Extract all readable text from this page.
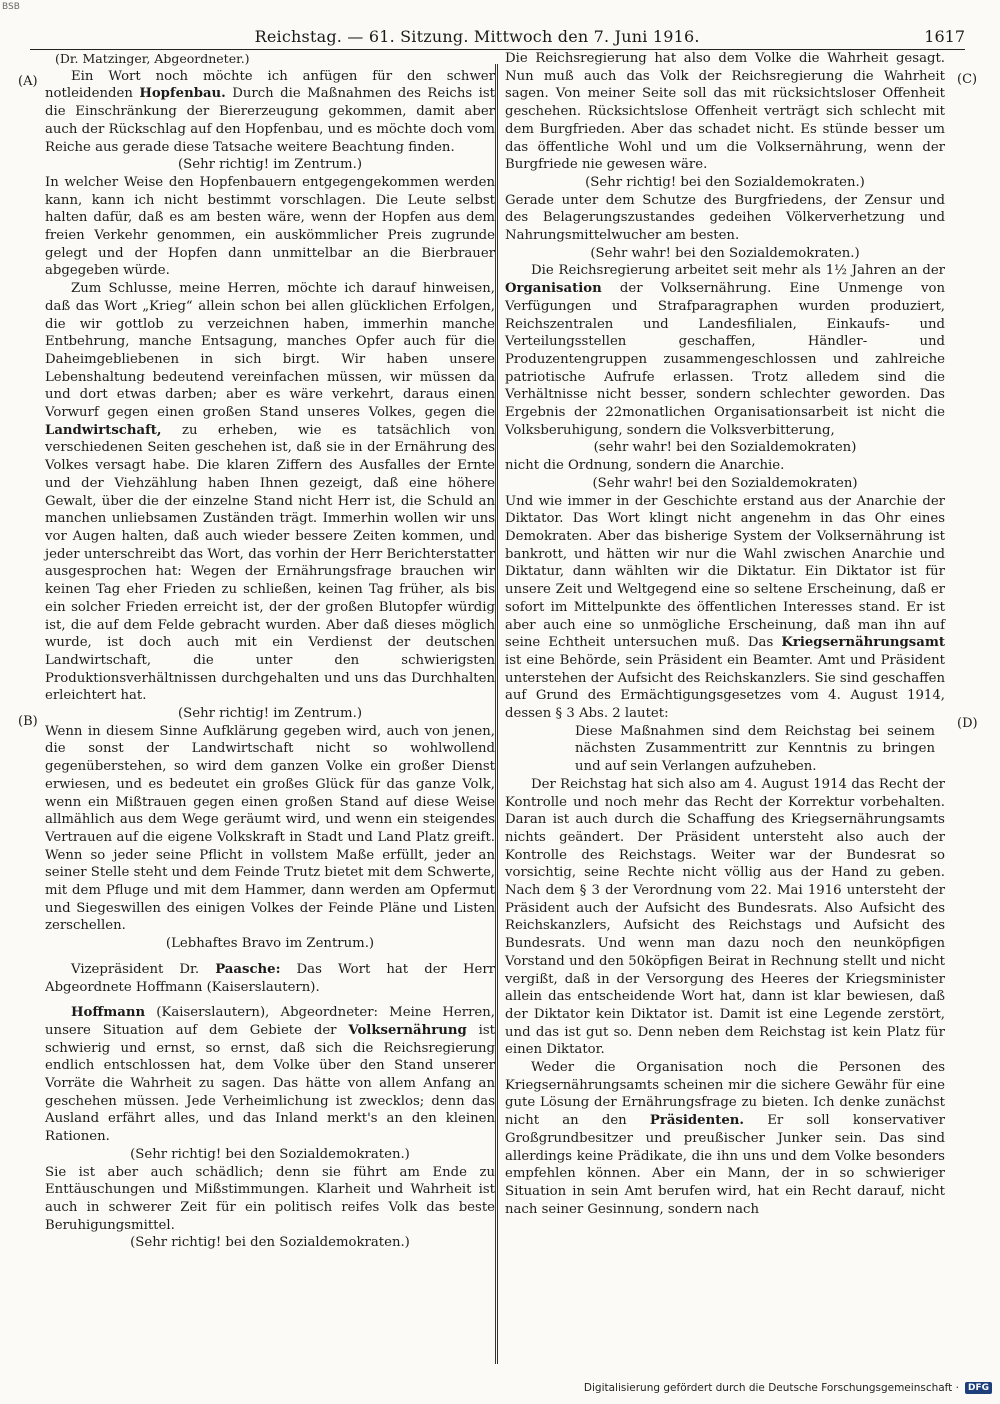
BSB
Reichstag. — 61. Sitzung. Mittwoch den 7. Juni 1916.	1617
(A)
(B)
(C)
(D)

(Dr. Matzinger, Abgeordneter.)

Ein Wort noch möchte ich anfügen für den schwer notleidenden Hopfenbau. Durch die Maßnahmen des Reichs ist die Einschränkung der Biererzeugung gekommen, damit aber auch der Rückschlag auf den Hopfenbau, und es möchte doch vom Reiche aus gerade diese Tatsache weitere Beachtung finden.

(Sehr richtig! im Zentrum.)

In welcher Weise den Hopfenbauern entgegengekommen werden kann, kann ich nicht bestimmt vorschlagen. Die Leute selbst halten dafür, daß es am besten wäre, wenn der Hopfen aus dem freien Verkehr genommen, ein auskömmlicher Preis zugrunde gelegt und der Hopfen dann unmittelbar an die Bierbrauer abgegeben würde.

Zum Schlusse, meine Herren, möchte ich darauf hinweisen, daß das Wort „Krieg“ allein schon bei allen glücklichen Erfolgen, die wir gottlob zu verzeichnen haben, immerhin manche Entbehrung, manche Entsagung, manches Opfer auch für die Daheimgebliebenen in sich birgt. Wir haben unsere Lebenshaltung bedeutend vereinfachen müssen, wir müssen da und dort etwas darben; aber es wäre verkehrt, daraus einen Vorwurf gegen einen großen Stand unseres Volkes, gegen die Landwirtschaft, zu erheben, wie es tatsächlich von verschiedenen Seiten geschehen ist, daß sie in der Ernährung des Volkes versagt habe. Die klaren Ziffern des Ausfalles der Ernte und der Viehzählung haben Ihnen gezeigt, daß eine höhere Gewalt, über die der einzelne Stand nicht Herr ist, die Schuld an manchen unliebsamen Zuständen trägt. Immerhin wollen wir uns vor Augen halten, daß auch wieder bessere Zeiten kommen, und jeder unterschreibt das Wort, das vorhin der Herr Berichterstatter ausgesprochen hat: Wegen der Ernährungsfrage brauchen wir keinen Tag eher Frieden zu schließen, keinen Tag früher, als bis ein solcher Frieden erreicht ist, der der großen Blutopfer würdig ist, die auf dem Felde gebracht wurden. Aber daß dieses möglich wurde, ist doch auch mit ein Verdienst der deutschen Landwirtschaft, die unter den schwierigsten Produktionsverhältnissen durchgehalten und uns das Durchhalten erleichtert hat.

(Sehr richtig! im Zentrum.)

Wenn in diesem Sinne Aufklärung gegeben wird, auch von jenen, die sonst der Landwirtschaft nicht so wohlwollend gegenüberstehen, so wird dem ganzen Volke ein großer Dienst erwiesen, und es bedeutet ein großes Glück für das ganze Volk, wenn ein Mißtrauen gegen einen großen Stand auf diese Weise allmählich aus dem Wege geräumt wird, und wenn ein steigendes Vertrauen auf die eigene Volkskraft in Stadt und Land Platz greift. Wenn so jeder seine Pflicht in vollstem Maße erfüllt, jeder an seiner Stelle steht und dem Feinde Trutz bietet mit dem Schwerte, mit dem Pfluge und mit dem Hammer, dann werden am Opfermut und Siegeswillen des einigen Volkes der Feinde Pläne und Listen zerschellen.

(Lebhaftes Bravo im Zentrum.)

Vizepräsident Dr. Paasche: Das Wort hat der Herr Abgeordnete Hoffmann (Kaiserslautern).

Hoffmann (Kaiserslautern), Abgeordneter: Meine Herren, unsere Situation auf dem Gebiete der Volksernährung ist schwierig und ernst, so ernst, daß sich die Reichsregierung endlich entschlossen hat, dem Volke über den Stand unserer Vorräte die Wahrheit zu sagen. Das hätte von allem Anfang an geschehen müssen. Jede Verheimlichung ist zwecklos; denn das Ausland erfährt alles, und das Inland merkt's an den kleinen Rationen.

(Sehr richtig! bei den Sozialdemokraten.)

Sie ist aber auch schädlich; denn sie führt am Ende zu Enttäuschungen und Mißstimmungen. Klarheit und Wahrheit ist auch in schwerer Zeit für ein politisch reifes Volk das beste Beruhigungsmittel.

(Sehr richtig! bei den Sozialdemokraten.)

Die Reichsregierung hat also dem Volke die Wahrheit gesagt. Nun muß auch das Volk der Reichsregierung die Wahrheit sagen. Von meiner Seite soll das mit rücksichtsloser Offenheit geschehen. Rücksichtslose Offenheit verträgt sich schlecht mit dem Burgfrieden. Aber das schadet nicht. Es stünde besser um das öffentliche Wohl und um die Volksernährung, wenn der Burgfriede nie gewesen wäre.

(Sehr richtig! bei den Sozialdemokraten.)

Gerade unter dem Schutze des Burgfriedens, der Zensur und des Belagerungszustandes gedeihen Völkerverhetzung und Nahrungsmittelwucher am besten.

(Sehr wahr! bei den Sozialdemokraten.)

Die Reichsregierung arbeitet seit mehr als 1½ Jahren an der Organisation der Volksernährung. Eine Unmenge von Verfügungen und Strafparagraphen wurden produziert, Reichszentralen und Landesfilialen, Einkaufs- und Verteilungsstellen geschaffen, Händler- und Produzentengruppen zusammengeschlossen und zahlreiche patriotische Aufrufe erlassen. Trotz alledem sind die Verhältnisse nicht besser, sondern schlechter geworden. Das Ergebnis der 22monatlichen Organisationsarbeit ist nicht die Volksberuhigung, sondern die Volksverbitterung,

(sehr wahr! bei den Sozialdemokraten)

nicht die Ordnung, sondern die Anarchie.

(Sehr wahr! bei den Sozialdemokraten)

Und wie immer in der Geschichte erstand aus der Anarchie der Diktator. Das Wort klingt nicht angenehm in das Ohr eines Demokraten. Aber das bisherige System der Volksernährung ist bankrott, und hätten wir nur die Wahl zwischen Anarchie und Diktatur, dann wählten wir die Diktatur. Ein Diktator ist für unsere Zeit und Weltgegend eine so seltene Erscheinung, daß er sofort im Mittelpunkte des öffentlichen Interesses stand. Er ist aber auch eine so unmögliche Erscheinung, daß man ihn auf seine Echtheit untersuchen muß. Das Kriegsernährungsamt ist eine Behörde, sein Präsident ein Beamter. Amt und Präsident unterstehen der Aufsicht des Reichskanzlers. Sie sind geschaffen auf Grund des Ermächtigungsgesetzes vom 4. August 1914, dessen § 3 Abs. 2 lautet:

Diese Maßnahmen sind dem Reichstag bei seinem nächsten Zusammentritt zur Kenntnis zu bringen und auf sein Verlangen aufzuheben.

Der Reichstag hat sich also am 4. August 1914 das Recht der Kontrolle und noch mehr das Recht der Korrektur vorbehalten. Daran ist auch durch die Schaffung des Kriegsernährungsamts nichts geändert. Der Präsident untersteht also auch der Kontrolle des Reichstags. Weiter war der Bundesrat so vorsichtig, seine Rechte nicht völlig aus der Hand zu geben. Nach dem § 3 der Verordnung vom 22. Mai 1916 untersteht der Präsident auch der Aufsicht des Bundesrats. Also Aufsicht des Reichskanzlers, Aufsicht des Reichstags und Aufsicht des Bundesrats. Und wenn man dazu noch den neunköpfigen Vorstand und den 50köpfigen Beirat in Rechnung stellt und nicht vergißt, daß in der Versorgung des Heeres der Kriegsminister allein das entscheidende Wort hat, dann ist klar bewiesen, daß der Diktator kein Diktator ist. Damit ist eine Legende zerstört, und das ist gut so. Denn neben dem Reichstag ist kein Platz für einen Diktator.

Weder die Organisation noch die Personen des Kriegsernährungsamts scheinen mir die sichere Gewähr für eine gute Lösung der Ernährungsfrage zu bieten. Ich denke zunächst nicht an den Präsidenten. Er soll konservativer Großgrundbesitzer und preußischer Junker sein. Das sind allerdings keine Prädikate, die ihn uns und dem Volke besonders empfehlen können. Aber ein Mann, der in so schwieriger Situation in sein Amt berufen wird, hat ein Recht darauf, nicht nach seiner Gesinnung, sondern nach

Digitalisierung gefördert durch die Deutsche Forschungsgemeinschaft ·	DFG
